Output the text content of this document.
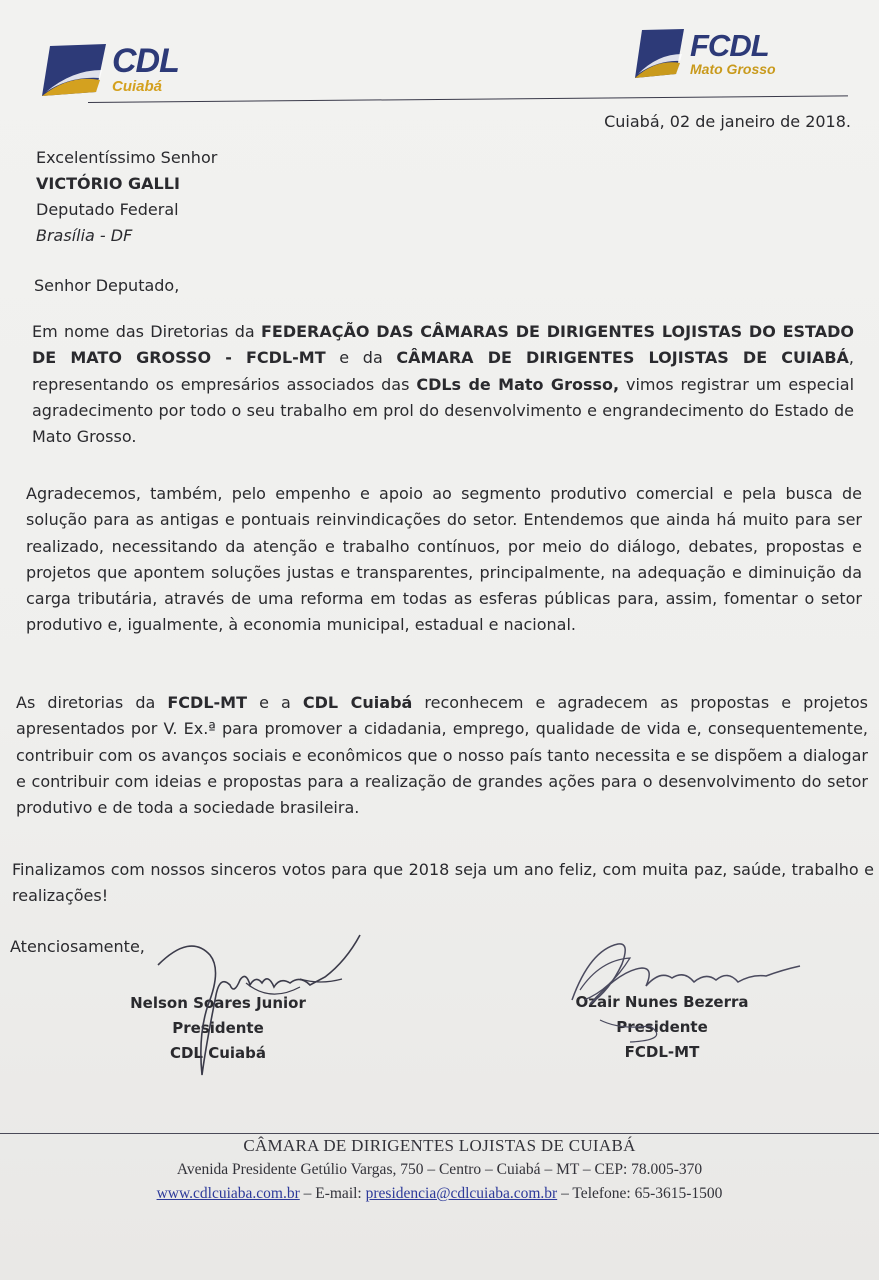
CDL
Cuiabá
FCDL
Mato Grosso
Cuiabá, 02 de janeiro de 2018.
Excelentíssimo Senhor
VICTÓRIO GALLI
Deputado Federal
Brasília - DF
Senhor Deputado,

Em nome das Diretorias da FEDERAÇÃO DAS CÂMARAS DE DIRIGENTES LOJISTAS DO ESTADO DE MATO GROSSO - FCDL-MT e da CÂMARA DE DIRIGENTES LOJISTAS DE CUIABÁ, representando os empresários associados das CDLs de Mato Grosso, vimos registrar um especial agradecimento por todo o seu trabalho em prol do desenvolvimento e engrandecimento do Estado de Mato Grosso.

Agradecemos, também, pelo empenho e apoio ao segmento produtivo comercial e pela busca de solução para as antigas e pontuais reinvindicações do setor. Entendemos que ainda há muito para ser realizado, necessitando da atenção e trabalho contínuos, por meio do diálogo, debates, propostas e projetos que apontem soluções justas e transparentes, principalmente, na adequação e diminuição da carga tributária, através de uma reforma em todas as esferas públicas para, assim, fomentar o setor produtivo e, igualmente, à economia municipal, estadual e nacional.

As diretorias da FCDL-MT e a CDL Cuiabá reconhecem e agradecem as propostas e projetos apresentados por V. Ex.ª para promover a cidadania, emprego, qualidade de vida e, consequentemente, contribuir com os avanços sociais e econômicos que o nosso país tanto necessita e se dispõem a dialogar e contribuir com ideias e propostas para a realização de grandes ações para o desenvolvimento do setor produtivo e de toda a sociedade brasileira.

Finalizamos com nossos sinceros votos para que 2018 seja um ano feliz, com muita paz, saúde, trabalho e realizações!

Atenciosamente,
Nelson Soares Junior
Presidente
CDL Cuiabá
Ozair Nunes Bezerra
Presidente
FCDL-MT
CÂMARA DE DIRIGENTES LOJISTAS DE CUIABÁ
Avenida Presidente Getúlio Vargas, 750 – Centro – Cuiabá – MT – CEP: 78.005-370
www.cdlcuiaba.com.br – E-mail: presidencia@cdlcuiaba.com.br – Telefone: 65-3615-1500
